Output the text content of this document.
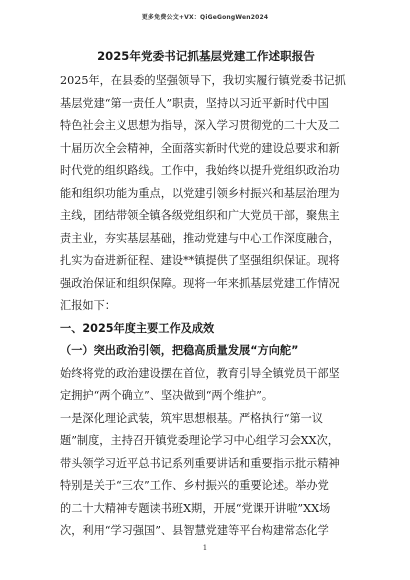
更多免费公文+VX：QiGeGongWen2024
2025年党委书记抓基层党建工作述职报告

2025年，在县委的坚强领导下，我切实履行镇党委书记抓
基层党建“第一责任人”职责，坚持以习近平新时代中国
特色社会主义思想为指导，深入学习贯彻党的二十大及二
十届历次全会精神，全面落实新时代党的建设总要求和新
时代党的组织路线。工作中，我始终以提升党组织政治功
能和组织功能为重点，以党建引领乡村振兴和基层治理为
主线，团结带领全镇各级党组织和广大党员干部，聚焦主
责主业，夯实基层基础，推动党建与中心工作深度融合，
扎实为奋进新征程、建设**镇提供了坚强组织保证。现将
强政治保证和组织保障。现将一年来抓基层党建工作情况
汇报如下：

一、2025年度主要工作及成效
（一）突出政治引领，把稳高质量发展“方向舵”

始终将党的政治建设摆在首位，教育引导全镇党员干部坚
定拥护“两个确立”、坚决做到“两个维护”。

一是深化理论武装，筑牢思想根基。严格执行“第一议
题”制度，主持召开镇党委理论学习中心组学习会XX次，
带头领学习近平总书记系列重要讲话和重要指示批示精神
特别是关于“三农”工作、乡村振兴的重要论述。举办党
的二十大精神专题读书班X期，开展“党课开讲啦”XX场
次，利用“学习强国”、县智慧党建等平台构建常态化学

1
